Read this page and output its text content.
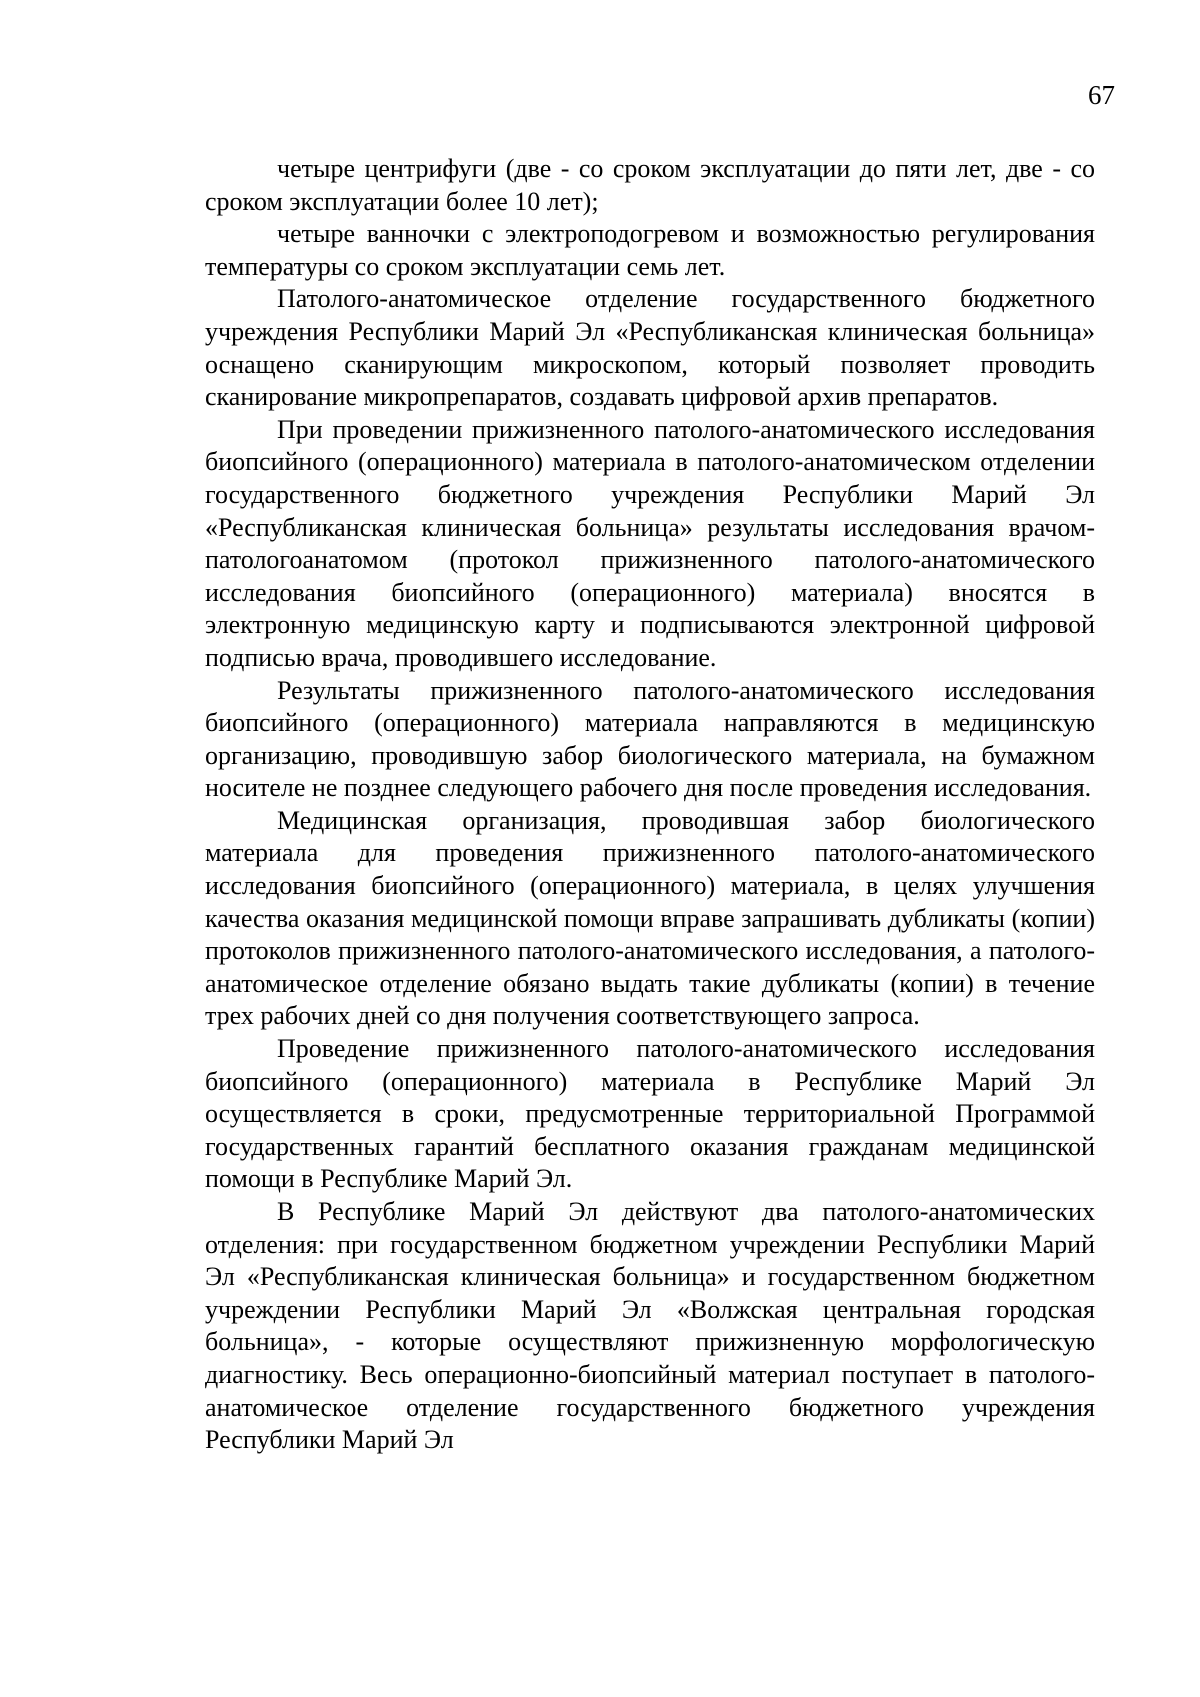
67

четыре центрифуги (две - со сроком эксплуатации до пяти лет, две - со сроком эксплуатации более 10 лет);

четыре ванночки с электроподогревом и возможностью регулирования температуры со сроком эксплуатации семь лет.

Патолого-анатомическое отделение государственного бюджетного учреждения Республики Марий Эл «Республиканская клиническая больница» оснащено сканирующим микроскопом, который позволяет проводить сканирование микропрепаратов, создавать цифровой архив препаратов.

При проведении прижизненного патолого-анатомического исследования биопсийного (операционного) материала в патолого-анатомическом отделении государственного бюджетного учреждения Республики Марий Эл «Республиканская клиническая больница» результаты исследования врачом-патологоанатомом (протокол прижизненного патолого-анатомического исследования биопсийного (операционного) материала) вносятся в электронную медицинскую карту и подписываются электронной цифровой подписью врача, проводившего исследование.

Результаты прижизненного патолого-анатомического исследования биопсийного (операционного) материала направляются в медицинскую организацию, проводившую забор биологического материала, на бумажном носителе не позднее следующего рабочего дня после проведения исследования.

Медицинская организация, проводившая забор биологического материала для проведения прижизненного патолого-анатомического исследования биопсийного (операционного) материала, в целях улучшения качества оказания медицинской помощи вправе запрашивать дубликаты (копии) протоколов прижизненного патолого-анатомического исследования, а патолого-анатомическое отделение обязано выдать такие дубликаты (копии) в течение трех рабочих дней со дня получения соответствующего запроса.

Проведение прижизненного патолого-анатомического исследования биопсийного (операционного) материала в Республике Марий Эл осуществляется в сроки, предусмотренные территориальной Программой государственных гарантий бесплатного оказания гражданам медицинской помощи в Республике Марий Эл.

В Республике Марий Эл действуют два патолого-анатомических отделения: при государственном бюджетном учреждении Республики Марий Эл «Республиканская клиническая больница» и государственном бюджетном учреждении Республики Марий Эл «Волжская центральная городская больница», - которые осуществляют прижизненную морфологическую диагностику. Весь операционно-биопсийный материал поступает в патолого-анатомическое отделение государственного бюджетного учреждения Республики Марий Эл
